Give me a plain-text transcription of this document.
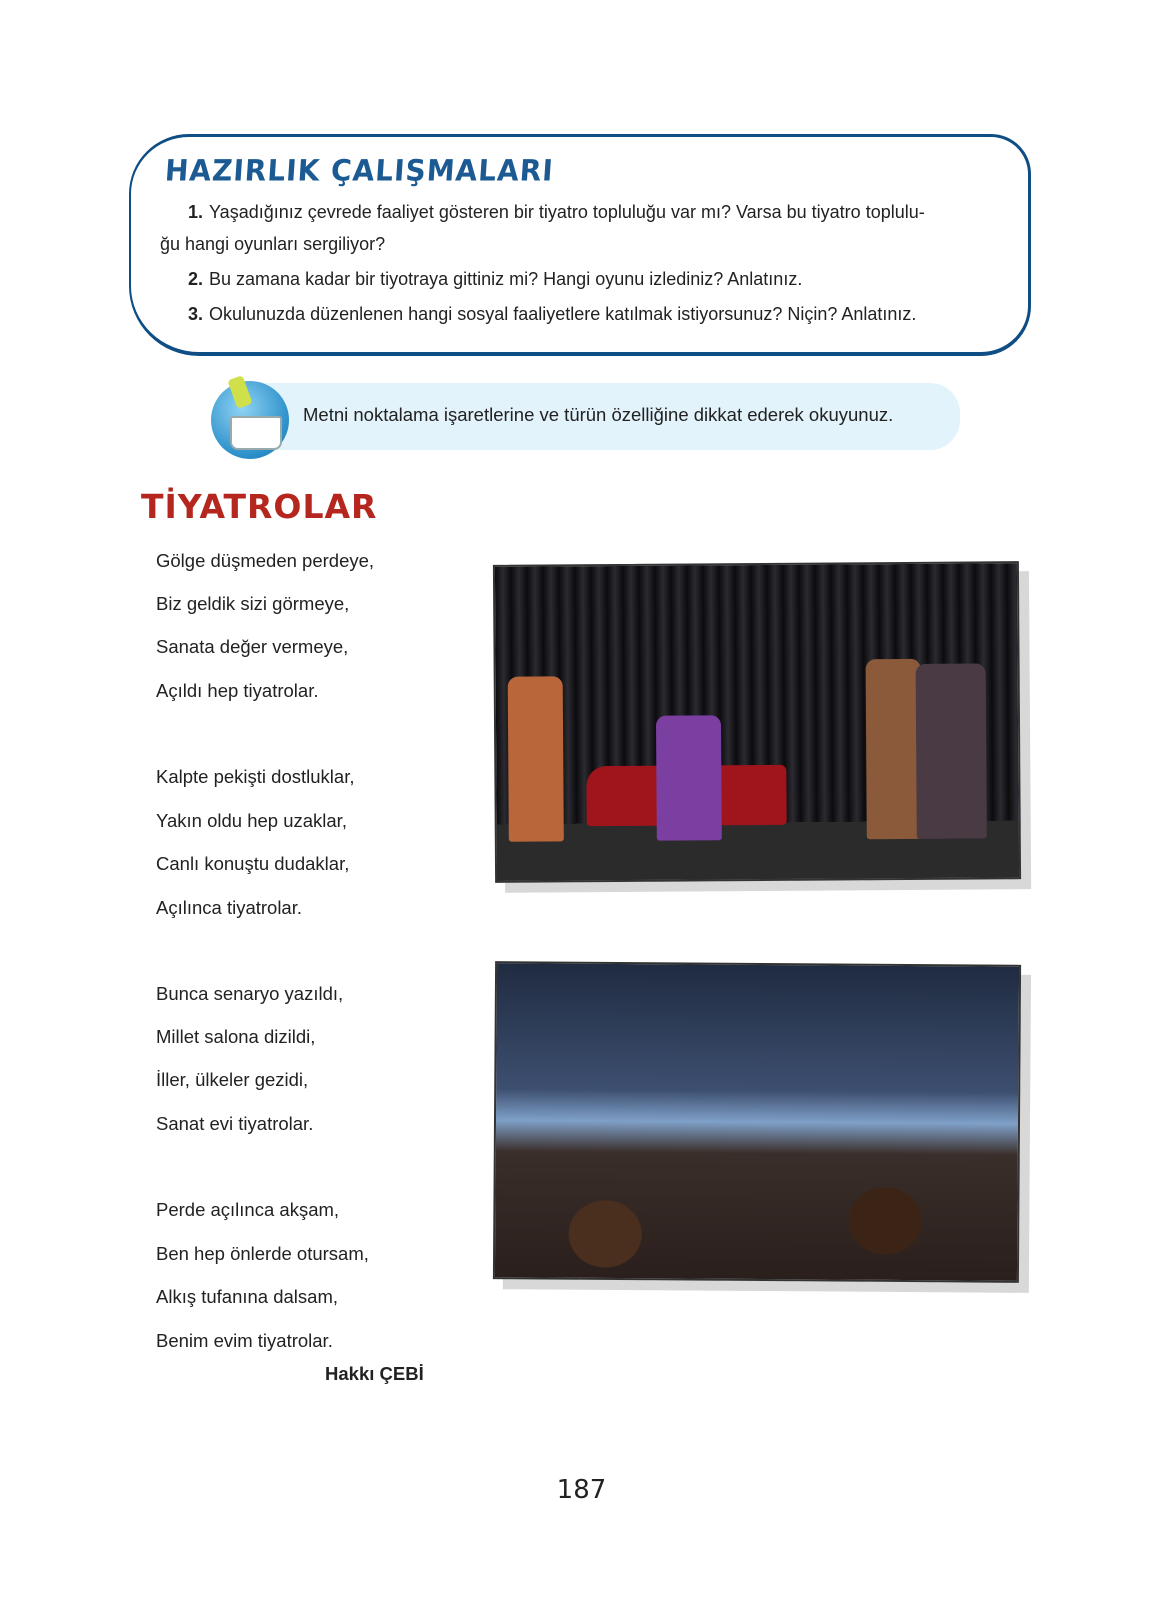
HAZIRLIK ÇALIŞMALARI
1. Yaşadığınız çevrede faaliyet gösteren bir tiyatro topluluğu var mı? Varsa bu tiyatro toplulu-
ğu hangi oyunları sergiliyor?
2. Bu zamana kadar bir tiyotraya gittiniz mi? Hangi oyunu izlediniz? Anlatınız.
3. Okulunuzda düzenlenen hangi sosyal faaliyetlere katılmak istiyorsunuz? Niçin? Anlatınız.
Metni noktalama işaretlerine ve türün özelliğine dikkat ederek okuyunuz.
TİYATROLAR
Gölge düşmeden perdeye,
Biz geldik sizi görmeye,
Sanata değer vermeye,
Açıldı hep tiyatrolar.
Kalpte pekişti dostluklar,
Yakın oldu hep uzaklar,
Canlı konuştu dudaklar,
Açılınca tiyatrolar.
Bunca senaryo yazıldı,
Millet salona dizildi,
İller, ülkeler gezidi,
Sanat evi tiyatrolar.
Perde açılınca akşam,
Ben hep önlerde otursam,
Alkış tufanına dalsam,
Benim evim tiyatrolar.
Hakkı ÇEBİ
187
